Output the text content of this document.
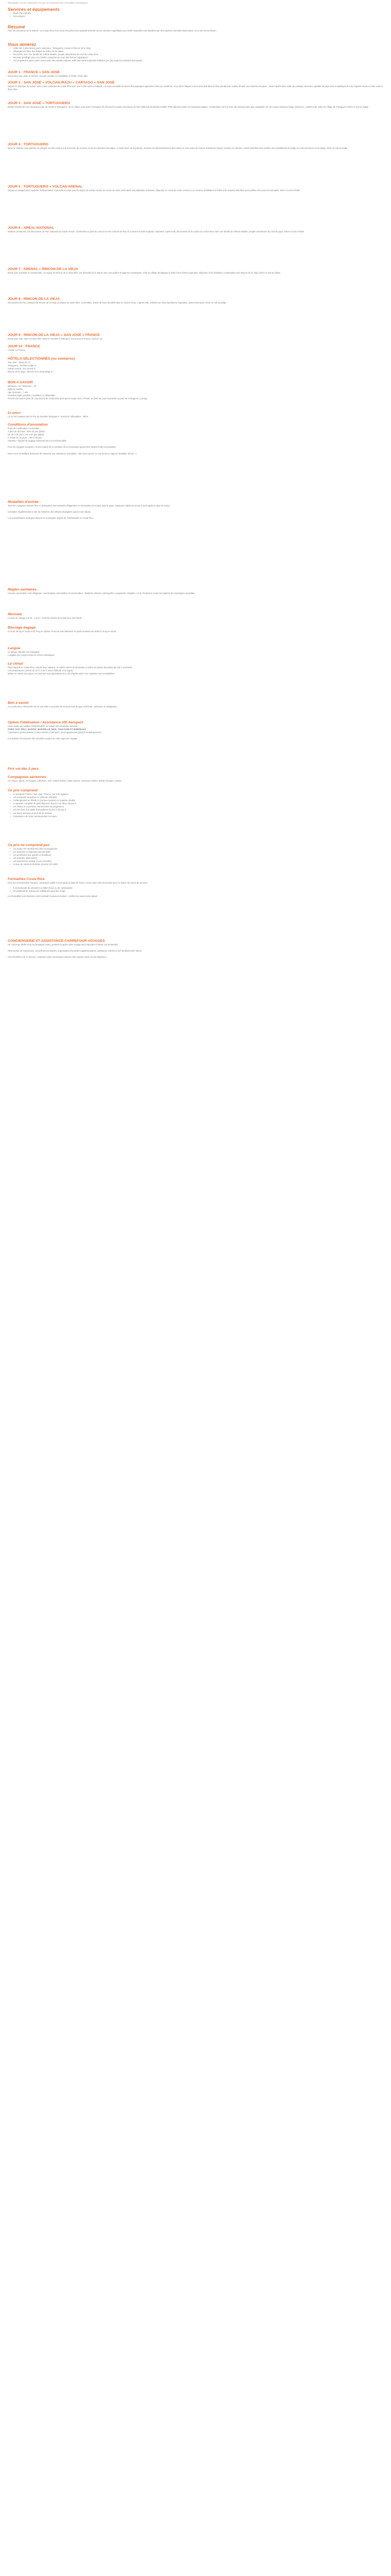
Description Ce prix comprend / Ce prix ne comprend pas Formalités Conciergerie
Services et équipements
• Guide francophone
• Conciergerie
Résumé

Pour les amoureux de la Nature ! Le Costa Rica vous ouvre les portes d'un paradis terrestre au lac volcanis magnifiques aux forêts tropicales vont habitées par des espèces animales fascinantes. Ici la vert est la Nature...

Vous aimerez
• Visite des 3 plus beaux parcs nationaux : Tortuguero, Arenal et Rincon de la Vieja
• Hébergement dans des lodges au milieu de la nature
• Rencontre avec une famille de l'ethnie Maleku, peuple autochtone du nord du Costa Rica
• Nouveau privilégié pour une famille costaricienne avec des fermes organiques
• Circuit garanti à partir 100% renvoi avec des retraits toujours actifs des forêts tropicales habitées par des espèces animales fascinantes
JOUR 1 : FRANCE » SAN JOSÉ

Envol pour San José, à l'arrivée, accueil, transfert et installation à l'hôtel. Dîner libre.

JOUR 2 : SAN JOSÉ » VOLCAN IRAZU » CARTAGO » SAN JOSÉ

Départ en direction du volcan Irazu, point culminant du Costa Rica avec ses 3 432 mètres d'altitude. La route escalade à travers des paysages agricoles riches (ou d'estime). Il s'y fait et fatigué à vous avez pris dans la libre pendant du cratère d'Irazu, aux lumières les plus... Dans l'après-midi, visite de Cartago, ancienne capitale du pays avec la basilique de Los Angeles. Retour à San José et dîner libre.

JOUR 3 : SAN JOSÉ » TORTUGUERO

Départ matinal de nos volcanique pour se rendre à Tortuguero. Sur le trajet, vous aurez l'occasion de découvrir la nature luxuriante du Parc National de Braulio Carrillo. Petit-déjeuner dans un restaurant typique. Continuation vers la zone des bananeraies puis navigation sur les canaux jusqu'au lodge. Déjeuner. L'après-midi, visite du village de Tortuguero. Dîner et nuit au lodge.

JOUR 4 : TORTUGUERO

Dans la matinée vous partirez en pirogue sur des canaux à la rencontre de la faune et de ses animaux sauvages. À cette heure de la journée, la faune est généralement la plus active et vous aurez la chance d'observer singes, oiseaux et caïmans. Après-midi libre pour profiter des installations du lodge ou vous promener sur la plage. Dîner et nuit au lodge.

JOUR 5 : TORTUGUERO » VOLCAN ARENAL

Départ en pirogue pour rejoindre l'embarcadère et prendre la route pour la région du volcan Arenal. En cours de route, arrêt dans une plantation d'ananas. Déjeuner en cours de route. Arrivée à La Fortuna, installation à l'hôtel et fin d'après-midi libre pour profiter des sources thermales. Dîner et nuit à l'hôtel.

JOUR 6 : AREAL NATIONAL

Matinée consacrée à la découverte du Parc National du volcan Arenal : randonnée au pied du volcan sur les coulées de lave et à travers la forêt tropicale. Déjeuner. Après-midi, découverte de la culture du Costa Rica chez une famille de l'ethnie Maleku, peuple autochtone du nord du pays. Dîner et nuit à l'hôtel.

JOUR 7 : ARENAL » RINCON DE LA VIEJA

Route pour rejoindre la Guanacaste. La région de Rincon de la Vieja offre une diversité de la nature avec ses jardins et lagunes volcaniques. Arrêt au village de Bijagua et visite d'une ferme organique. Déjeuner chez l'habitant. Continuation vers Rincon de la Vieja. Dîner et nuit au lodge.

JOUR 8 : RINCON DE LA VIEJA

Découverte du Parc National de Rincon de la Vieja au départ de votre hôtel : fumerolles, mares de boue bouillonnante et chutes d'eau. L'après-midi, activités au choix (tyrolienne, équitation, bains thermaux). Dîner et nuit au lodge.

JOUR 9 : RINCON DE LA VIEJA » SAN JOSÉ » FRANCE

Route pour San José et temps libre avant le transfert à l'aéroport. Envol pour la France. Nuit en vol.

JOUR 10 : FRANCE

Arrivée en France.

HÔTELS SÉLECTIONNÉS (ou similaires)

San José : Sleep Inn 3*

Tortuguero : Pachira Lodge 3*

Volcan Arenal : Eco Arenal 3*

Rincon de la Vieja : Rincon de la Vieja lodge 3*

BON A SAVOIR

Minimum : 10 / Maximum : 30

Bythme modéré

Age minimum : 7 ans

Chambre triple possible ( 3 adultes ) si disponible.

Prévoit une bonne paire de chaussures de randonnée ainsi qu'un coupe-vent ; Prévoir un petit sac pour la journée au parc de Tortuguero ( 2,5 kg).

En option :

La ce est compter pour le Prix du transfert Tortuguero - Arenal en hélicoptère : 300 €

Conditions d'annulation

Frais de modification / annulation :

À plus de 30 jours : 25% du prix global

De 30 à 15 jours : 50 % du prix global

À moins de 15 jours : 100 % du prix

Attention: l'épuisé du bagage optionnel est non remboursable.

Pour les voyages exceptés, l'envol à partir de la condition de la réservation pourra être facturé à titre d'annulation.

Nous vous conseillons fortement de souscrire une assurance annulation ; elle vous couvre en cas de force majeure (maladie, décès...).

Modalités d'entrée :

Tous les voyageurs doivent être en possession des autorités obligatoires et nécessaires à l'entrée dans le pays. Passeport valide au moins 6 mois après la date de retour.

Consultez régulièrement le site du ministère des Affaires étrangères avant votre départ.

Les ressortissants étrangers doivent se renseigner auprès de l'ambassade du Costa Rica.

Règles sanitaires :

Aucune vaccination n'est obligatoire. Vaccinations universelles recommandées : diphtérie, tétanos, poliomyélite, coqueluche, hépatite A et B. Protection contre les piqûres de moustiques conseillée.

Monnaie

Le taux de change est de : 1 euro = 575,09 colones (à la date du 2 mai 2023).

Bloclage bagage

Il est de 46 kg en soute et de 8 kg en cabine. Pour les vols intérieurs, le poids autorisé est réduit à 10 kg en soute.

Langue

La langue officielle est l'espagnol.

L'anglais est compris dans les zones touristiques.

Le climat

Pays tropical, le Costa Rica connaît deux saisons : la saison sèche de décembre à avril et la saison des pluies de mai à novembre.

Les températures varient de 22°C à 32°C selon l'altitude et la région.

Même en saison des pluies, les averses sont généralement en fin d'après-midi et les matinées sont ensoleillées.

Bon à savoir

Au Costa Rica, l'électricité est en 110 volts. Les prises de courant sont de type américain ; prévoyez un adaptateur.

Option Fidélisation / Assistance VIP Aéroport

Cette option est valable UNIQUEMENT au départ des aéroports suivants :

PARIS CDG, ORLY, NANTES, MARSEILLE, NICE, TOULOUSE ET BORDEAUX

L'assistance personnalisée à votre arrivée à l'aéroport, accompagnement jusqu'à l'embarquement.

Les options VIP peuvent être achetées auprès de votre agent de voyage.

Prix vol dès 2 pers
Compagnies aériennes

Air France, Iberia, Air Europa, Lufthansa, TAP, United Airlines, Delta Airlines, American Airlines, British Airways, Condor.

Ce prix comprend
• Le transport France / San José / France, sur vols réguliers
• Les transports terrestres en véhicule climatisé
• L'hébergement en hôtels 3* (normes locales) en chambre double
• La pension complète du petit-déjeuner du jour 2 au dîner du jour 8
• Les visites et excursions mentionnées au programme
• Les services d'un guide francophone du jour 2 au jour 9
• Les taxes aéroport et les frais de dossier
• L'assistance de notre correspondant sur place
Ce prix ne comprend pas
• Les repas non mentionnés dans le programme
• Les boissons et dépenses personnelles
• Les pourboires aux guides et chauffeurs
• Les activités optionnelles
• Les assurances voyage (nous consulter)
• La taxe de sortie du territoire (environ 29 USD)
Formalités Costa Rica

Pour les ressortissants français : passeport valide 6 mois après la date de retour. Aucun visa n'est nécessaire pour un séjour de moins de 90 jours.

• Il est demandé de présenter un billet retour ou de continuation.
• Un justificatif de ressources suffisantes peut être exigé.

Les formalités sont données à titre indicatif et peuvent évoluer ; vérifiez-les avant votre départ.

CONCIERGERIE ET ASSISTANCE CARREFOUR VOYAGES

Un concierge dédié vous accompagne avant, pendant et après votre voyage pour répondre à toutes vos demandes.

Réservation de restaurants, conseils personnalisés, organisation d'activités supplémentaires, assistance 24h/24 et 7j/7 pendant votre séjour.

Pour bénéficier de ce service, contactez votre conciergerie depuis votre espace client ou par téléphone.
